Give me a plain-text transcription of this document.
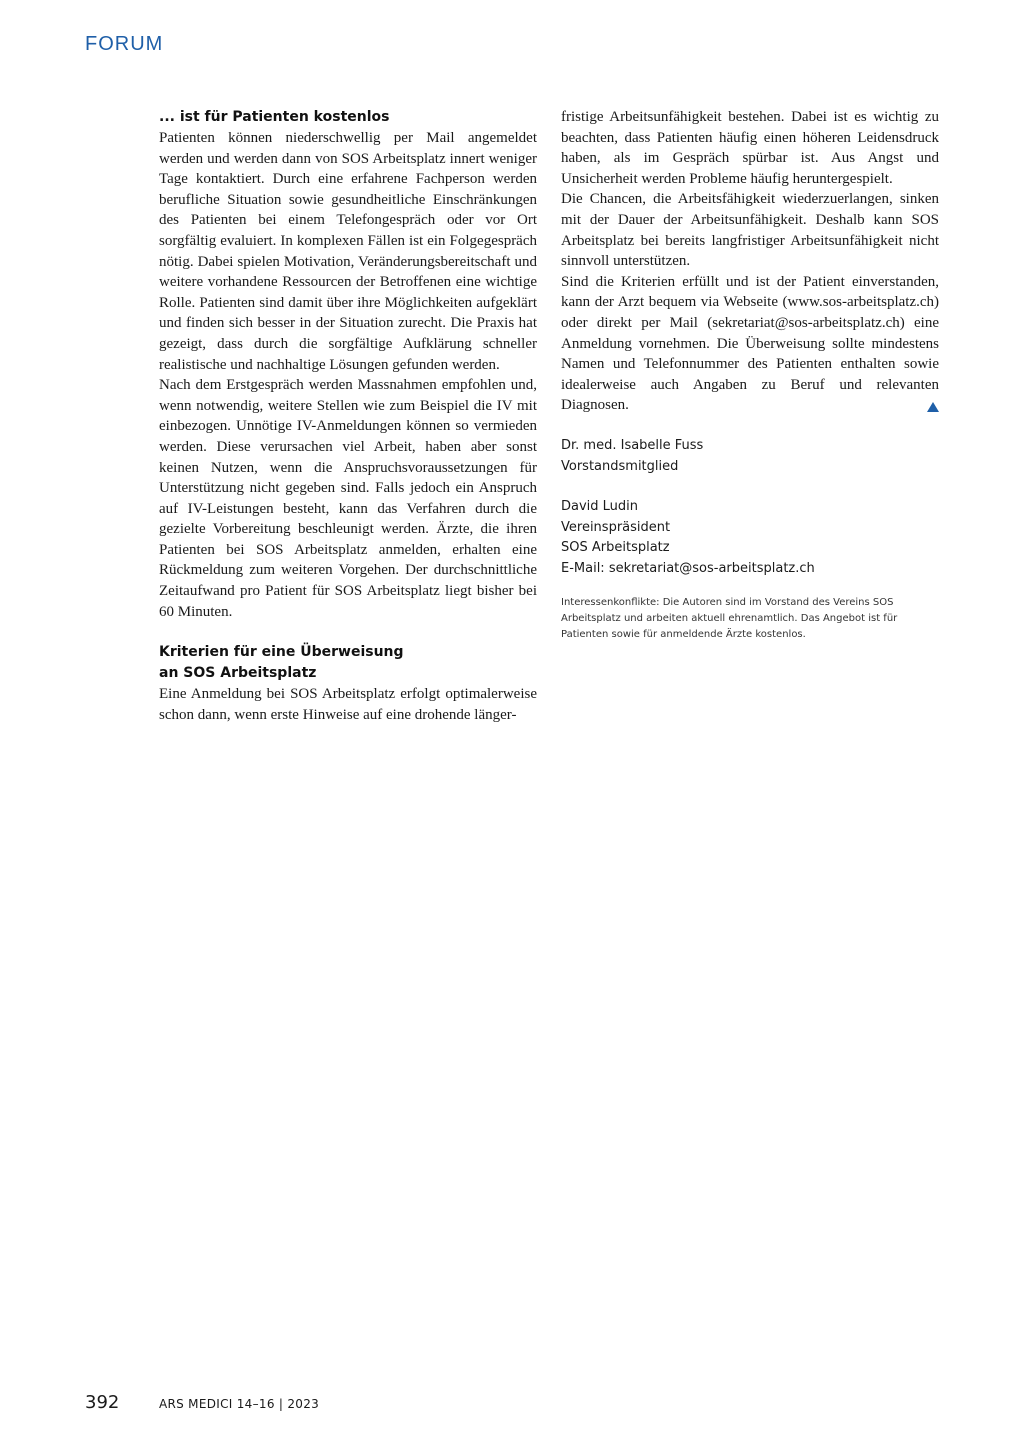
FORUM
... ist für Patienten kostenlos

Patienten können niederschwellig per Mail angemeldet werden und werden dann von SOS Arbeitsplatz innert weniger Tage kontaktiert. Durch eine erfahrene Fachperson werden berufliche Situation sowie gesundheitliche Einschränkungen des Patienten bei einem Telefongespräch oder vor Ort sorgfältig evaluiert. In komplexen Fällen ist ein Folgegespräch nötig. Dabei spielen Motivation, Veränderungsbereitschaft und weitere vorhandene Ressourcen der Betroffenen eine wichtige Rolle. Patienten sind damit über ihre Möglichkeiten aufgeklärt und finden sich besser in der Situation zurecht. Die Praxis hat gezeigt, dass durch die sorgfältige Aufklärung schneller realistische und nachhaltige Lösungen gefunden werden.

Nach dem Erstgespräch werden Massnahmen empfohlen und, wenn notwendig, weitere Stellen wie zum Beispiel die IV mit einbezogen. Unnötige IV-Anmeldungen können so vermieden werden. Diese verursachen viel Arbeit, haben aber sonst keinen Nutzen, wenn die Anspruchsvoraussetzungen für Unterstützung nicht gegeben sind. Falls jedoch ein Anspruch auf IV-Leistungen besteht, kann das Verfahren durch die gezielte Vorbereitung beschleunigt werden. Ärzte, die ihren Patienten bei SOS Arbeitsplatz anmelden, erhalten eine Rückmeldung zum weiteren Vorgehen. Der durchschnittliche Zeitaufwand pro Patient für SOS Arbeitsplatz liegt bisher bei 60 Minuten.

Kriterien für eine Überweisung
an SOS Arbeitsplatz

Eine Anmeldung bei SOS Arbeitsplatz erfolgt optimalerweise schon dann, wenn erste Hinweise auf eine drohende länger-

fristige Arbeitsunfähigkeit bestehen. Dabei ist es wichtig zu beachten, dass Patienten häufig einen höheren Leidensdruck haben, als im Gespräch spürbar ist. Aus Angst und Unsicherheit werden Probleme häufig heruntergespielt.

Die Chancen, die Arbeitsfähigkeit wiederzuerlangen, sinken mit der Dauer der Arbeitsunfähigkeit. Deshalb kann SOS Arbeitsplatz bei bereits langfristiger Arbeitsunfähigkeit nicht sinnvoll unterstützen.

Sind die Kriterien erfüllt und ist der Patient einverstanden, kann der Arzt bequem via Webseite (www.sos-arbeitsplatz.ch) oder direkt per Mail (sekretariat@sos-arbeitsplatz.ch) eine Anmeldung vornehmen. Die Überweisung sollte mindestens Namen und Telefonnummer des Patienten enthalten sowie idealerweise auch Angaben zu Beruf und relevanten Diagnosen.

Dr. med. Isabelle Fuss
Vorstandsmitglied
David Ludin
Vereinspräsident
SOS Arbeitsplatz
E-Mail: sekretariat@sos-arbeitsplatz.ch
Interessenkonflikte: Die Autoren sind im Vorstand des Vereins SOS Arbeitsplatz und arbeiten aktuell ehrenamtlich. Das Angebot ist für Patienten sowie für anmeldende Ärzte kostenlos.
392	ARS MEDICI 14–16 | 2023
